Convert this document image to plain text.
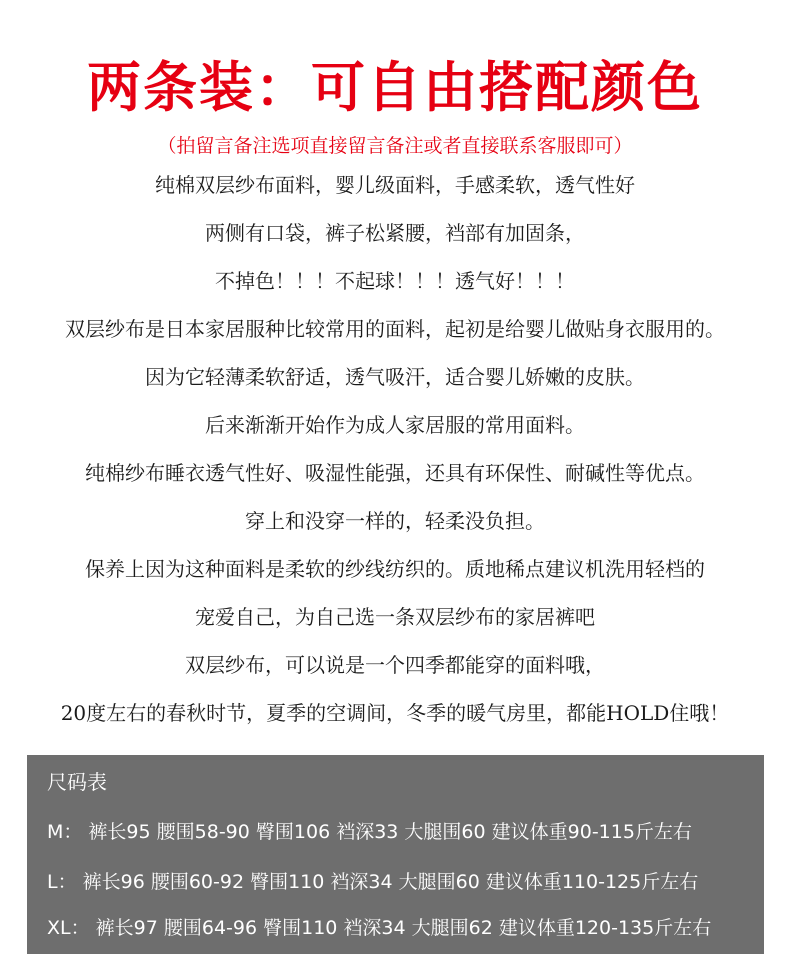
两条装：可自由搭配颜色
（拍留言备注选项直接留言备注或者直接联系客服即可）
纯棉双层纱布面料，婴儿级面料，手感柔软，透气性好
两侧有口袋，裤子松紧腰，裆部有加固条，
不掉色！！！不起球！！！透气好！！！
双层纱布是日本家居服种比较常用的面料，起初是给婴儿做贴身衣服用的。
因为它轻薄柔软舒适，透气吸汗，适合婴儿娇嫩的皮肤。
后来渐渐开始作为成人家居服的常用面料。
纯棉纱布睡衣透气性好、吸湿性能强，还具有环保性、耐碱性等优点。
穿上和没穿一样的，轻柔没负担。
保养上因为这种面料是柔软的纱线纺织的。质地稀点建议机洗用轻档的
宠爱自己，为自己选一条双层纱布的家居裤吧
双层纱布，可以说是一个四季都能穿的面料哦，
20度左右的春秋时节，夏季的空调间，冬季的暖气房里，都能HOLD住哦！
尺码表
M： 裤长95 腰围58-90 臀围106 裆深33 大腿围60 建议体重90-115斤左右
L： 裤长96 腰围60-92 臀围110 裆深34 大腿围60 建议体重110-125斤左右
XL： 裤长97 腰围64-96 臀围110 裆深34 大腿围62 建议体重120-135斤左右
